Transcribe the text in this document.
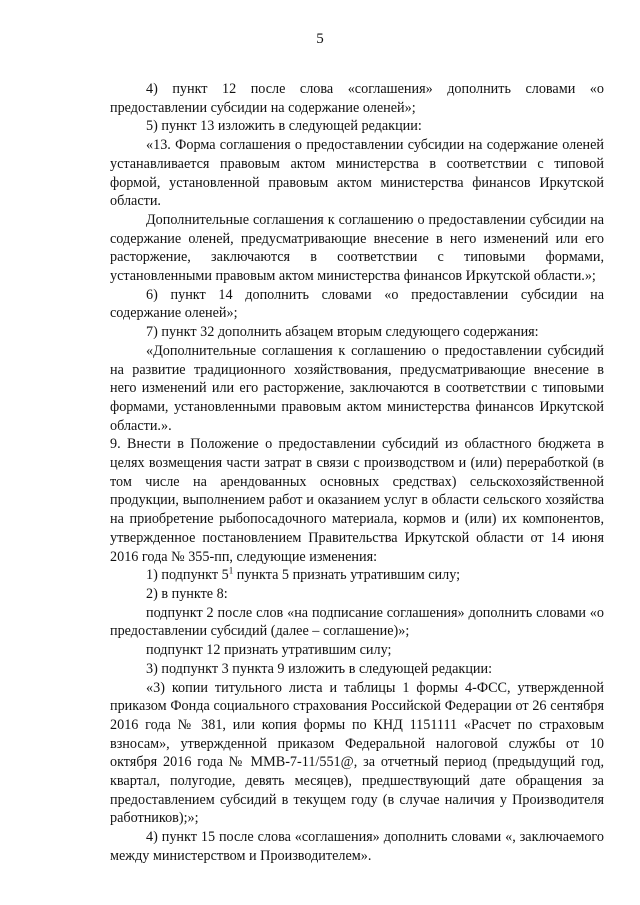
5

4) пункт 12 после слова «соглашения» дополнить словами «о предоставлении субсидии на содержание оленей»;

5) пункт 13 изложить в следующей редакции:

«13. Форма соглашения о предоставлении субсидии на содержание оленей устанавливается правовым актом министерства в соответствии с типовой формой, установленной правовым актом министерства финансов Иркутской области.

Дополнительные соглашения к соглашению о предоставлении субсидии на содержание оленей, предусматривающие внесение в него изменений или его расторжение, заключаются в соответствии с типовыми формами, установленными правовым актом министерства финансов Иркутской области.»;

6) пункт 14 дополнить словами «о предоставлении субсидии на содержание оленей»;

7) пункт 32 дополнить абзацем вторым следующего содержания:

«Дополнительные соглашения к соглашению о предоставлении субсидий на развитие традиционного хозяйствования, предусматривающие внесение в него изменений или его расторжение, заключаются в соответствии с типовыми формами, установленными правовым актом министерства финансов Иркутской области.».

9. Внести в Положение о предоставлении субсидий из областного бюджета в целях возмещения части затрат в связи с производством и (или) переработкой (в том числе на арендованных основных средствах) сельскохозяйственной продукции, выполнением работ и оказанием услуг в области сельского хозяйства на приобретение рыбопосадочного материала, кормов и (или) их компонентов, утвержденное постановлением Правительства Иркутской области от 14 июня 2016 года № 355-пп, следующие изменения:

1) подпункт $5^1$ пункта 5 признать утратившим силу;

2) в пункте 8:

подпункт 2 после слов «на подписание соглашения» дополнить словами «о предоставлении субсидий (далее – соглашение)»;

подпункт 12 признать утратившим силу;

3) подпункт 3 пункта 9 изложить в следующей редакции:

«3) копии титульного листа и таблицы 1 формы 4-ФСС, утвержденной приказом Фонда социального страхования Российской Федерации от 26 сентября 2016 года № 381, или копия формы по КНД 1151111 «Расчет по страховым взносам», утвержденной приказом Федеральной налоговой службы от 10 октября 2016 года № ММВ-7-11/551@, за отчетный период (предыдущий год, квартал, полугодие, девять месяцев), предшествующий дате обращения за предоставлением субсидий в текущем году (в случае наличия у Производителя работников);»;

4) пункт 15 после слова «соглашения» дополнить словами «, заключаемого между министерством и Производителем».
